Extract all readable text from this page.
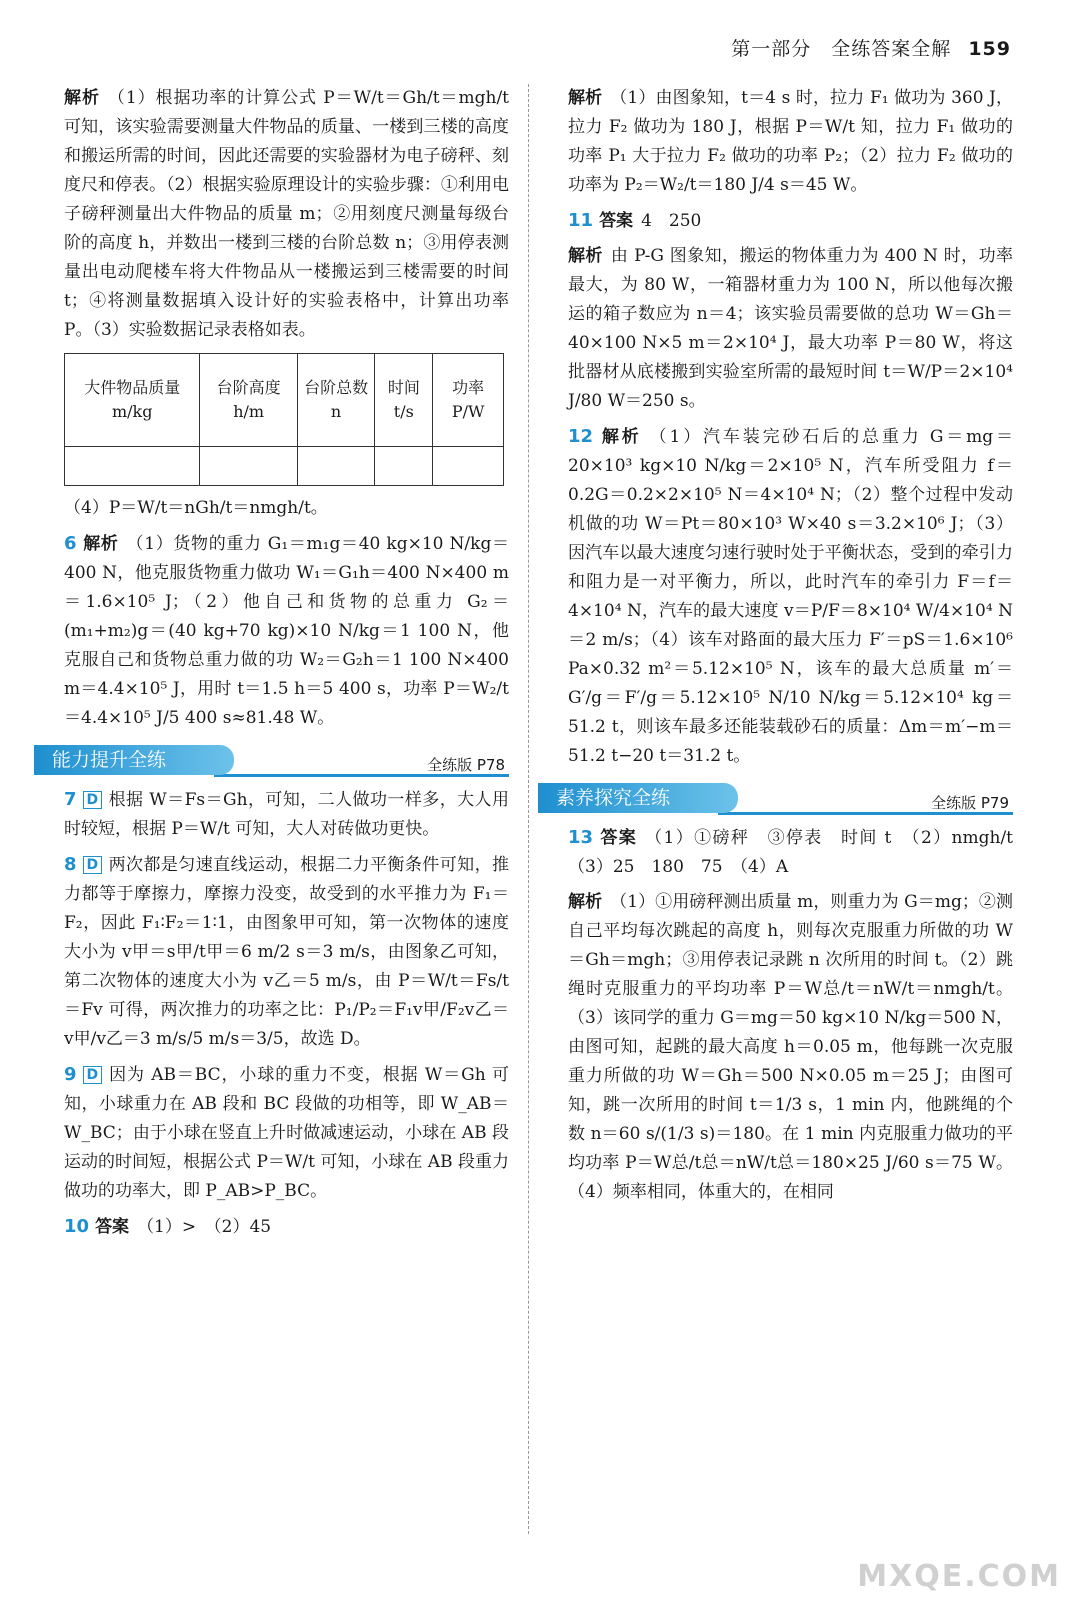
第一部分　全练答案全解 159

解析 （1）根据功率的计算公式 P＝W/t＝Gh/t＝mgh/t 可知，该实验需要测量大件物品的质量、一楼到三楼的高度和搬运所需的时间，因此还需要的实验器材为电子磅秤、刻度尺和停表。（2）根据实验原理设计的实验步骤：①利用电子磅秤测量出大件物品的质量 m；②用刻度尺测量每级台阶的高度 h，并数出一楼到三楼的台阶总数 n；③用停表测量出电动爬楼车将大件物品从一楼搬运到三楼需要的时间 t；④将测量数据填入设计好的实验表格中，计算出功率 P。（3）实验数据记录表格如表。

大件物品质量 m/kg	台阶高度 h/m	台阶总数 n	时间 t/s	功率 P/W

（4）P＝W/t＝nGh/t＝nmgh/t。

6 解析 （1）货物的重力 G₁＝m₁g＝40 kg×10 N/kg＝400 N，他克服货物重力做功 W₁＝G₁h＝400 N×400 m＝1.6×10⁵ J；（2）他自己和货物的总重力 G₂＝(m₁+m₂)g＝(40 kg+70 kg)×10 N/kg＝1 100 N，他克服自己和货物总重力做的功 W₂＝G₂h＝1 100 N×400 m＝4.4×10⁵ J，用时 t＝1.5 h＝5 400 s，功率 P＝W₂/t＝4.4×10⁵ J/5 400 s≈81.48 W。

能力提升全练	全练版 P78

7 D 根据 W＝Fs＝Gh，可知，二人做功一样多，大人用时较短，根据 P＝W/t 可知，大人对砖做功更快。

8 D 两次都是匀速直线运动，根据二力平衡条件可知，推力都等于摩擦力，摩擦力没变，故受到的水平推力为 F₁＝F₂，因此 F₁∶F₂＝1∶1，由图象甲可知，第一次物体的速度大小为 v甲＝s甲/t甲＝6 m/2 s＝3 m/s，由图象乙可知，第二次物体的速度大小为 v乙＝5 m/s，由 P＝W/t＝Fs/t＝Fv 可得，两次推力的功率之比：P₁/P₂＝F₁v甲/F₂v乙＝v甲/v乙＝3 m/s/5 m/s＝3/5，故选 D。

9 D 因为 AB＝BC，小球的重力不变，根据 W＝Gh 可知，小球重力在 AB 段和 BC 段做的功相等，即 W_AB＝W_BC；由于小球在竖直上升时做减速运动，小球在 AB 段运动的时间短，根据公式 P＝W/t 可知，小球在 AB 段重力做功的功率大，即 P_AB>P_BC。

10 答案 （1）>　（2）45

解析 （1）由图象知，t＝4 s 时，拉力 F₁ 做功为 360 J，拉力 F₂ 做功为 180 J，根据 P＝W/t 知，拉力 F₁ 做功的功率 P₁ 大于拉力 F₂ 做功的功率 P₂；（2）拉力 F₂ 做功的功率为 P₂＝W₂/t＝180 J/4 s＝45 W。

11 答案 4　250

解析 由 P-G 图象知，搬运的物体重力为 400 N 时，功率最大，为 80 W，一箱器材重力为 100 N，所以他每次搬运的箱子数应为 n＝4；该实验员需要做的总功 W＝Gh＝40×100 N×5 m＝2×10⁴ J，最大功率 P＝80 W，将这批器材从底楼搬到实验室所需的最短时间 t＝W/P＝2×10⁴ J/80 W＝250 s。

12 解析 （1）汽车装完砂石后的总重力 G＝mg＝20×10³ kg×10 N/kg＝2×10⁵ N，汽车所受阻力 f＝0.2G＝0.2×2×10⁵ N＝4×10⁴ N；（2）整个过程中发动机做的功 W＝Pt＝80×10³ W×40 s＝3.2×10⁶ J；（3）因汽车以最大速度匀速行驶时处于平衡状态，受到的牵引力和阻力是一对平衡力，所以，此时汽车的牵引力 F＝f＝4×10⁴ N，汽车的最大速度 v＝P/F＝8×10⁴ W/4×10⁴ N＝2 m/s；（4）该车对路面的最大压力 F′＝pS＝1.6×10⁶ Pa×0.32 m²＝5.12×10⁵ N，该车的最大总质量 m′＝G′/g＝F′/g＝5.12×10⁵ N/10 N/kg＝5.12×10⁴ kg＝51.2 t，则该车最多还能装载砂石的质量：Δm＝m′−m＝51.2 t−20 t＝31.2 t。

素养探究全练	全练版 P79

13 答案 （1）①磅秤　③停表　时间 t　（2）nmgh/t　（3）25　180　75　（4）A

解析 （1）①用磅秤测出质量 m，则重力为 G＝mg；②测自己平均每次跳起的高度 h，则每次克服重力所做的功 W＝Gh＝mgh；③用停表记录跳 n 次所用的时间 t。（2）跳绳时克服重力的平均功率 P＝W总/t＝nW/t＝nmgh/t。（3）该同学的重力 G＝mg＝50 kg×10 N/kg＝500 N，由图可知，起跳的最大高度 h＝0.05 m，他每跳一次克服重力所做的功 W＝Gh＝500 N×0.05 m＝25 J；由图可知，跳一次所用的时间 t＝1/3 s，1 min 内，他跳绳的个数 n＝60 s/(1/3 s)＝180。在 1 min 内克服重力做功的平均功率 P＝W总/t总＝nW/t总＝180×25 J/60 s＝75 W。（4）频率相同，体重大的，在相同

MXQE.COM
